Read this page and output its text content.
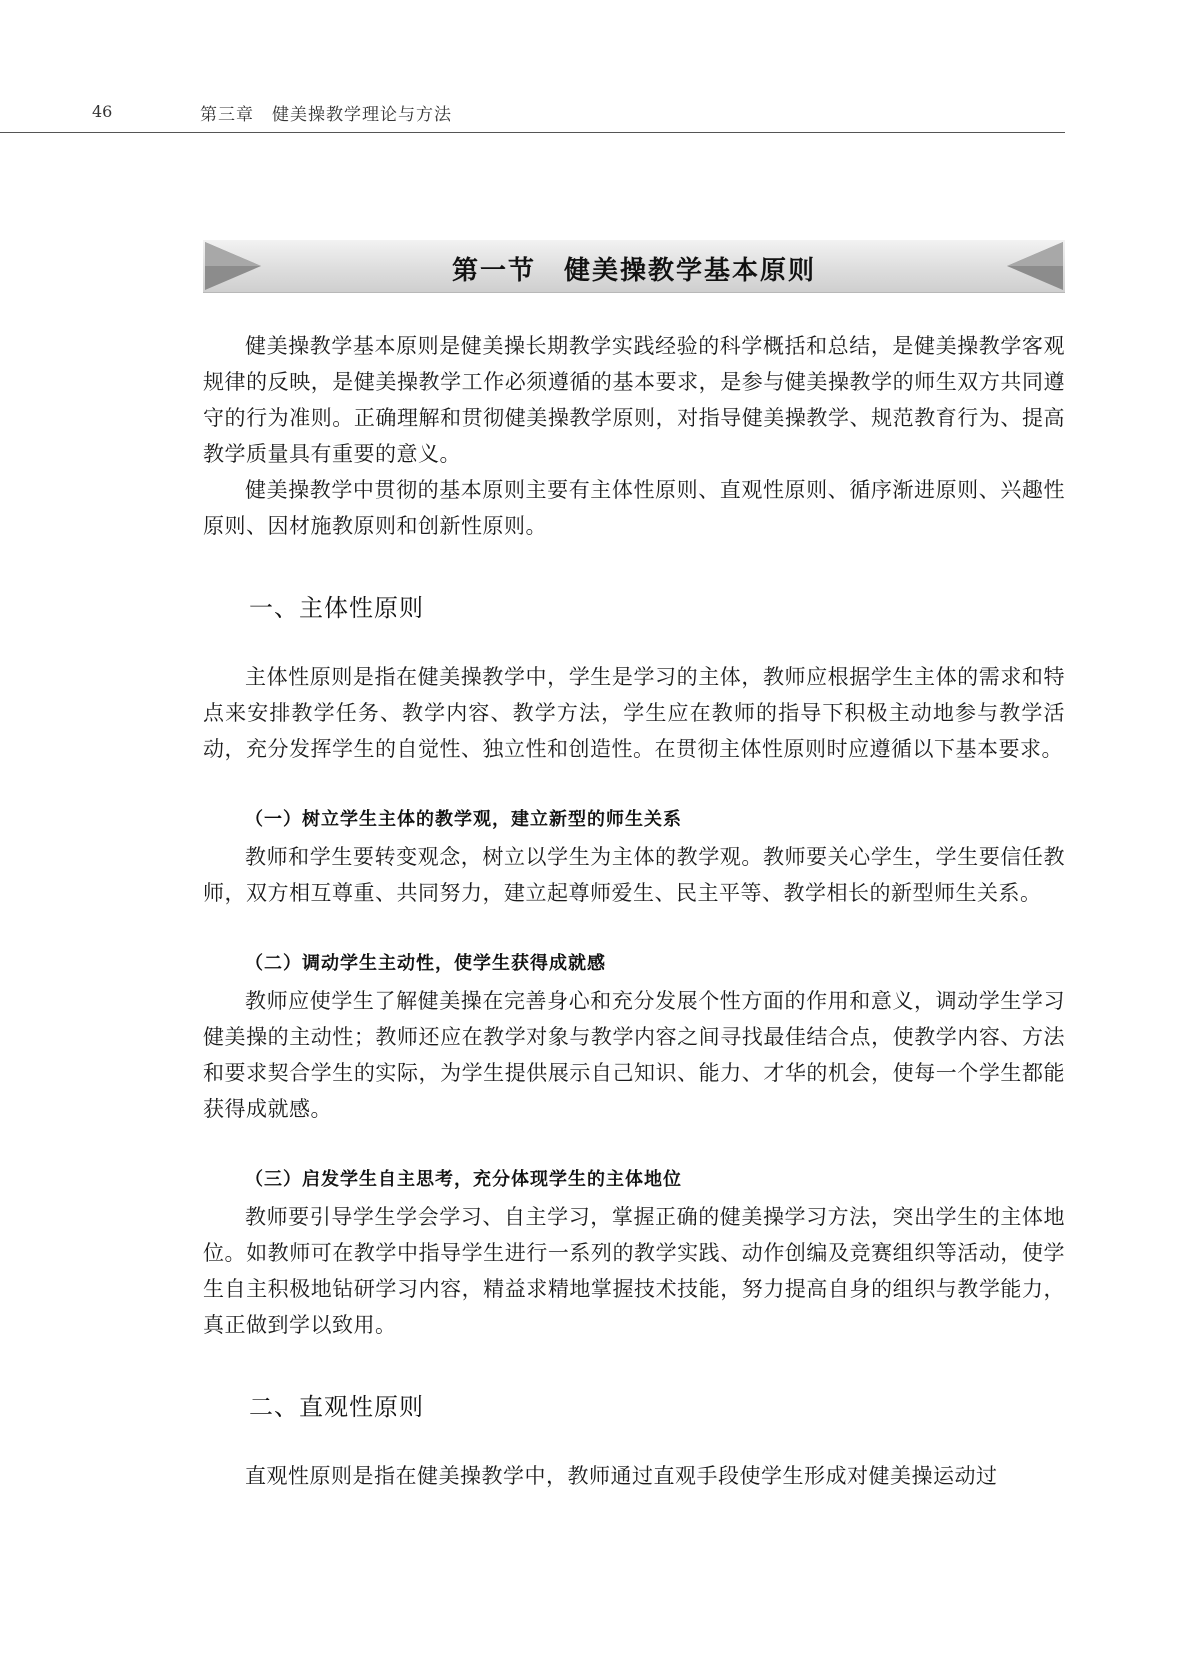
46	第三章　健美操教学理论与方法
第一节　健美操教学基本原则

健美操教学基本原则是健美操长期教学实践经验的科学概括和总结，是健美操教学客观规律的反映，是健美操教学工作必须遵循的基本要求，是参与健美操教学的师生双方共同遵守的行为准则。正确理解和贯彻健美操教学原则，对指导健美操教学、规范教育行为、提高教学质量具有重要的意义。

健美操教学中贯彻的基本原则主要有主体性原则、直观性原则、循序渐进原则、兴趣性原则、因材施教原则和创新性原则。

一、主体性原则

主体性原则是指在健美操教学中，学生是学习的主体，教师应根据学生主体的需求和特点来安排教学任务、教学内容、教学方法，学生应在教师的指导下积极主动地参与教学活动，充分发挥学生的自觉性、独立性和创造性。在贯彻主体性原则时应遵循以下基本要求。

（一）树立学生主体的教学观，建立新型的师生关系

教师和学生要转变观念，树立以学生为主体的教学观。教师要关心学生，学生要信任教师，双方相互尊重、共同努力，建立起尊师爱生、民主平等、教学相长的新型师生关系。

（二）调动学生主动性，使学生获得成就感

教师应使学生了解健美操在完善身心和充分发展个性方面的作用和意义，调动学生学习健美操的主动性；教师还应在教学对象与教学内容之间寻找最佳结合点，使教学内容、方法和要求契合学生的实际，为学生提供展示自己知识、能力、才华的机会，使每一个学生都能获得成就感。

（三）启发学生自主思考，充分体现学生的主体地位

教师要引导学生学会学习、自主学习，掌握正确的健美操学习方法，突出学生的主体地位。如教师可在教学中指导学生进行一系列的教学实践、动作创编及竞赛组织等活动，使学生自主积极地钻研学习内容，精益求精地掌握技术技能，努力提高自身的组织与教学能力，真正做到学以致用。

二、直观性原则

直观性原则是指在健美操教学中，教师通过直观手段使学生形成对健美操运动过
